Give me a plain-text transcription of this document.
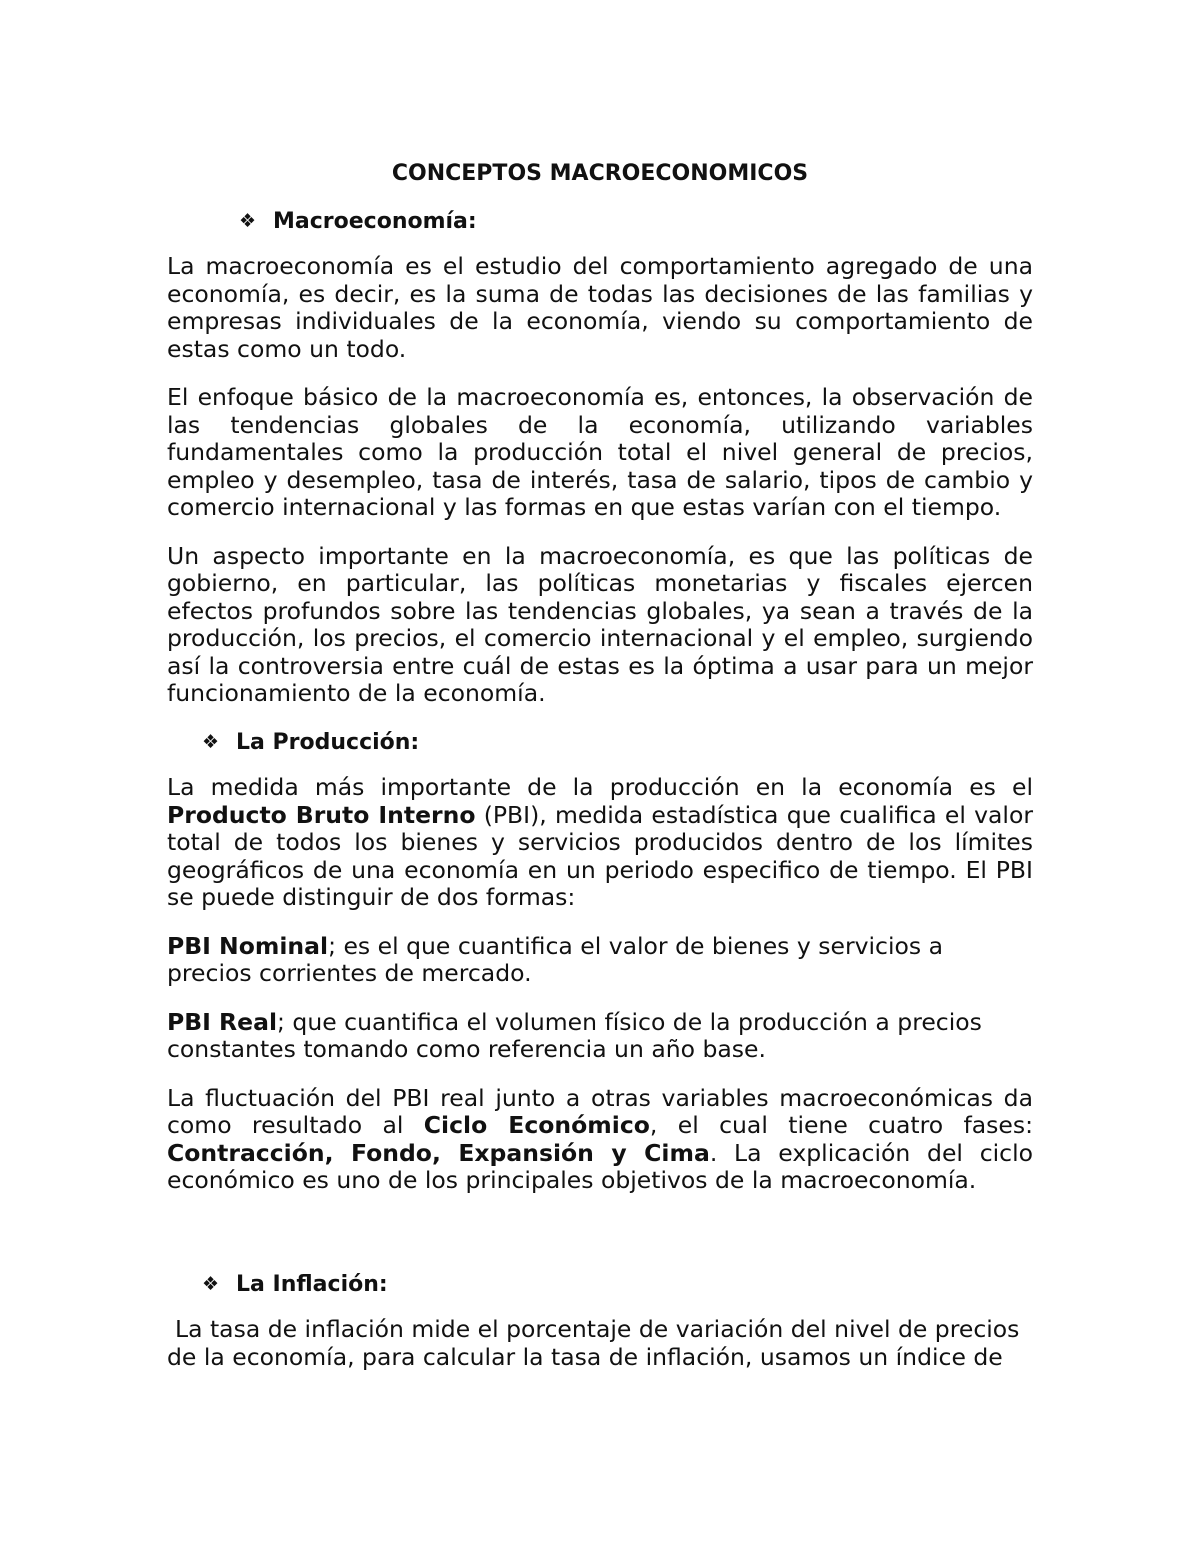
CONCEPTOS MACROECONOMICOS
❖ Macroeconomía:

La macroeconomía es el estudio del comportamiento agregado de una economía, es decir, es la suma de todas las decisiones de las familias y empresas individuales de la economía, viendo su comportamiento de estas como un todo.

El enfoque básico de la macroeconomía es, entonces, la observación de las tendencias globales de la economía, utilizando variables fundamentales como la producción total el nivel general de precios, empleo y desempleo, tasa de interés, tasa de salario, tipos de cambio y comercio internacional y las formas en que estas varían con el tiempo.

Un aspecto importante en la macroeconomía, es que las políticas de gobierno, en particular, las políticas monetarias y fiscales ejercen efectos profundos sobre las tendencias globales, ya sean a través de la producción, los precios, el comercio internacional y el empleo, surgiendo así la controversia entre cuál de estas es la óptima a usar para un mejor funcionamiento de la economía.

❖ La Producción:

La medida más importante de la producción en la economía es el Producto Bruto Interno (PBI), medida estadística que cualifica el valor total de todos los bienes y servicios producidos dentro de los límites geográficos de una economía en un periodo especifico de tiempo. El PBI se puede distinguir de dos formas:

PBI Nominal; es el que cuantifica el valor de bienes y servicios a precios corrientes de mercado.

PBI Real; que cuantifica el volumen físico de la producción a precios constantes tomando como referencia un año base.

La fluctuación del PBI real junto a otras variables macroeconómicas da como resultado al Ciclo Económico, el cual tiene cuatro fases: Contracción, Fondo, Expansión y Cima. La explicación del ciclo económico es uno de los principales objetivos de la macroeconomía.

❖ La Inflación:

La tasa de inflación mide el porcentaje de variación del nivel de precios de la economía, para calcular la tasa de inflación, usamos un índice de
